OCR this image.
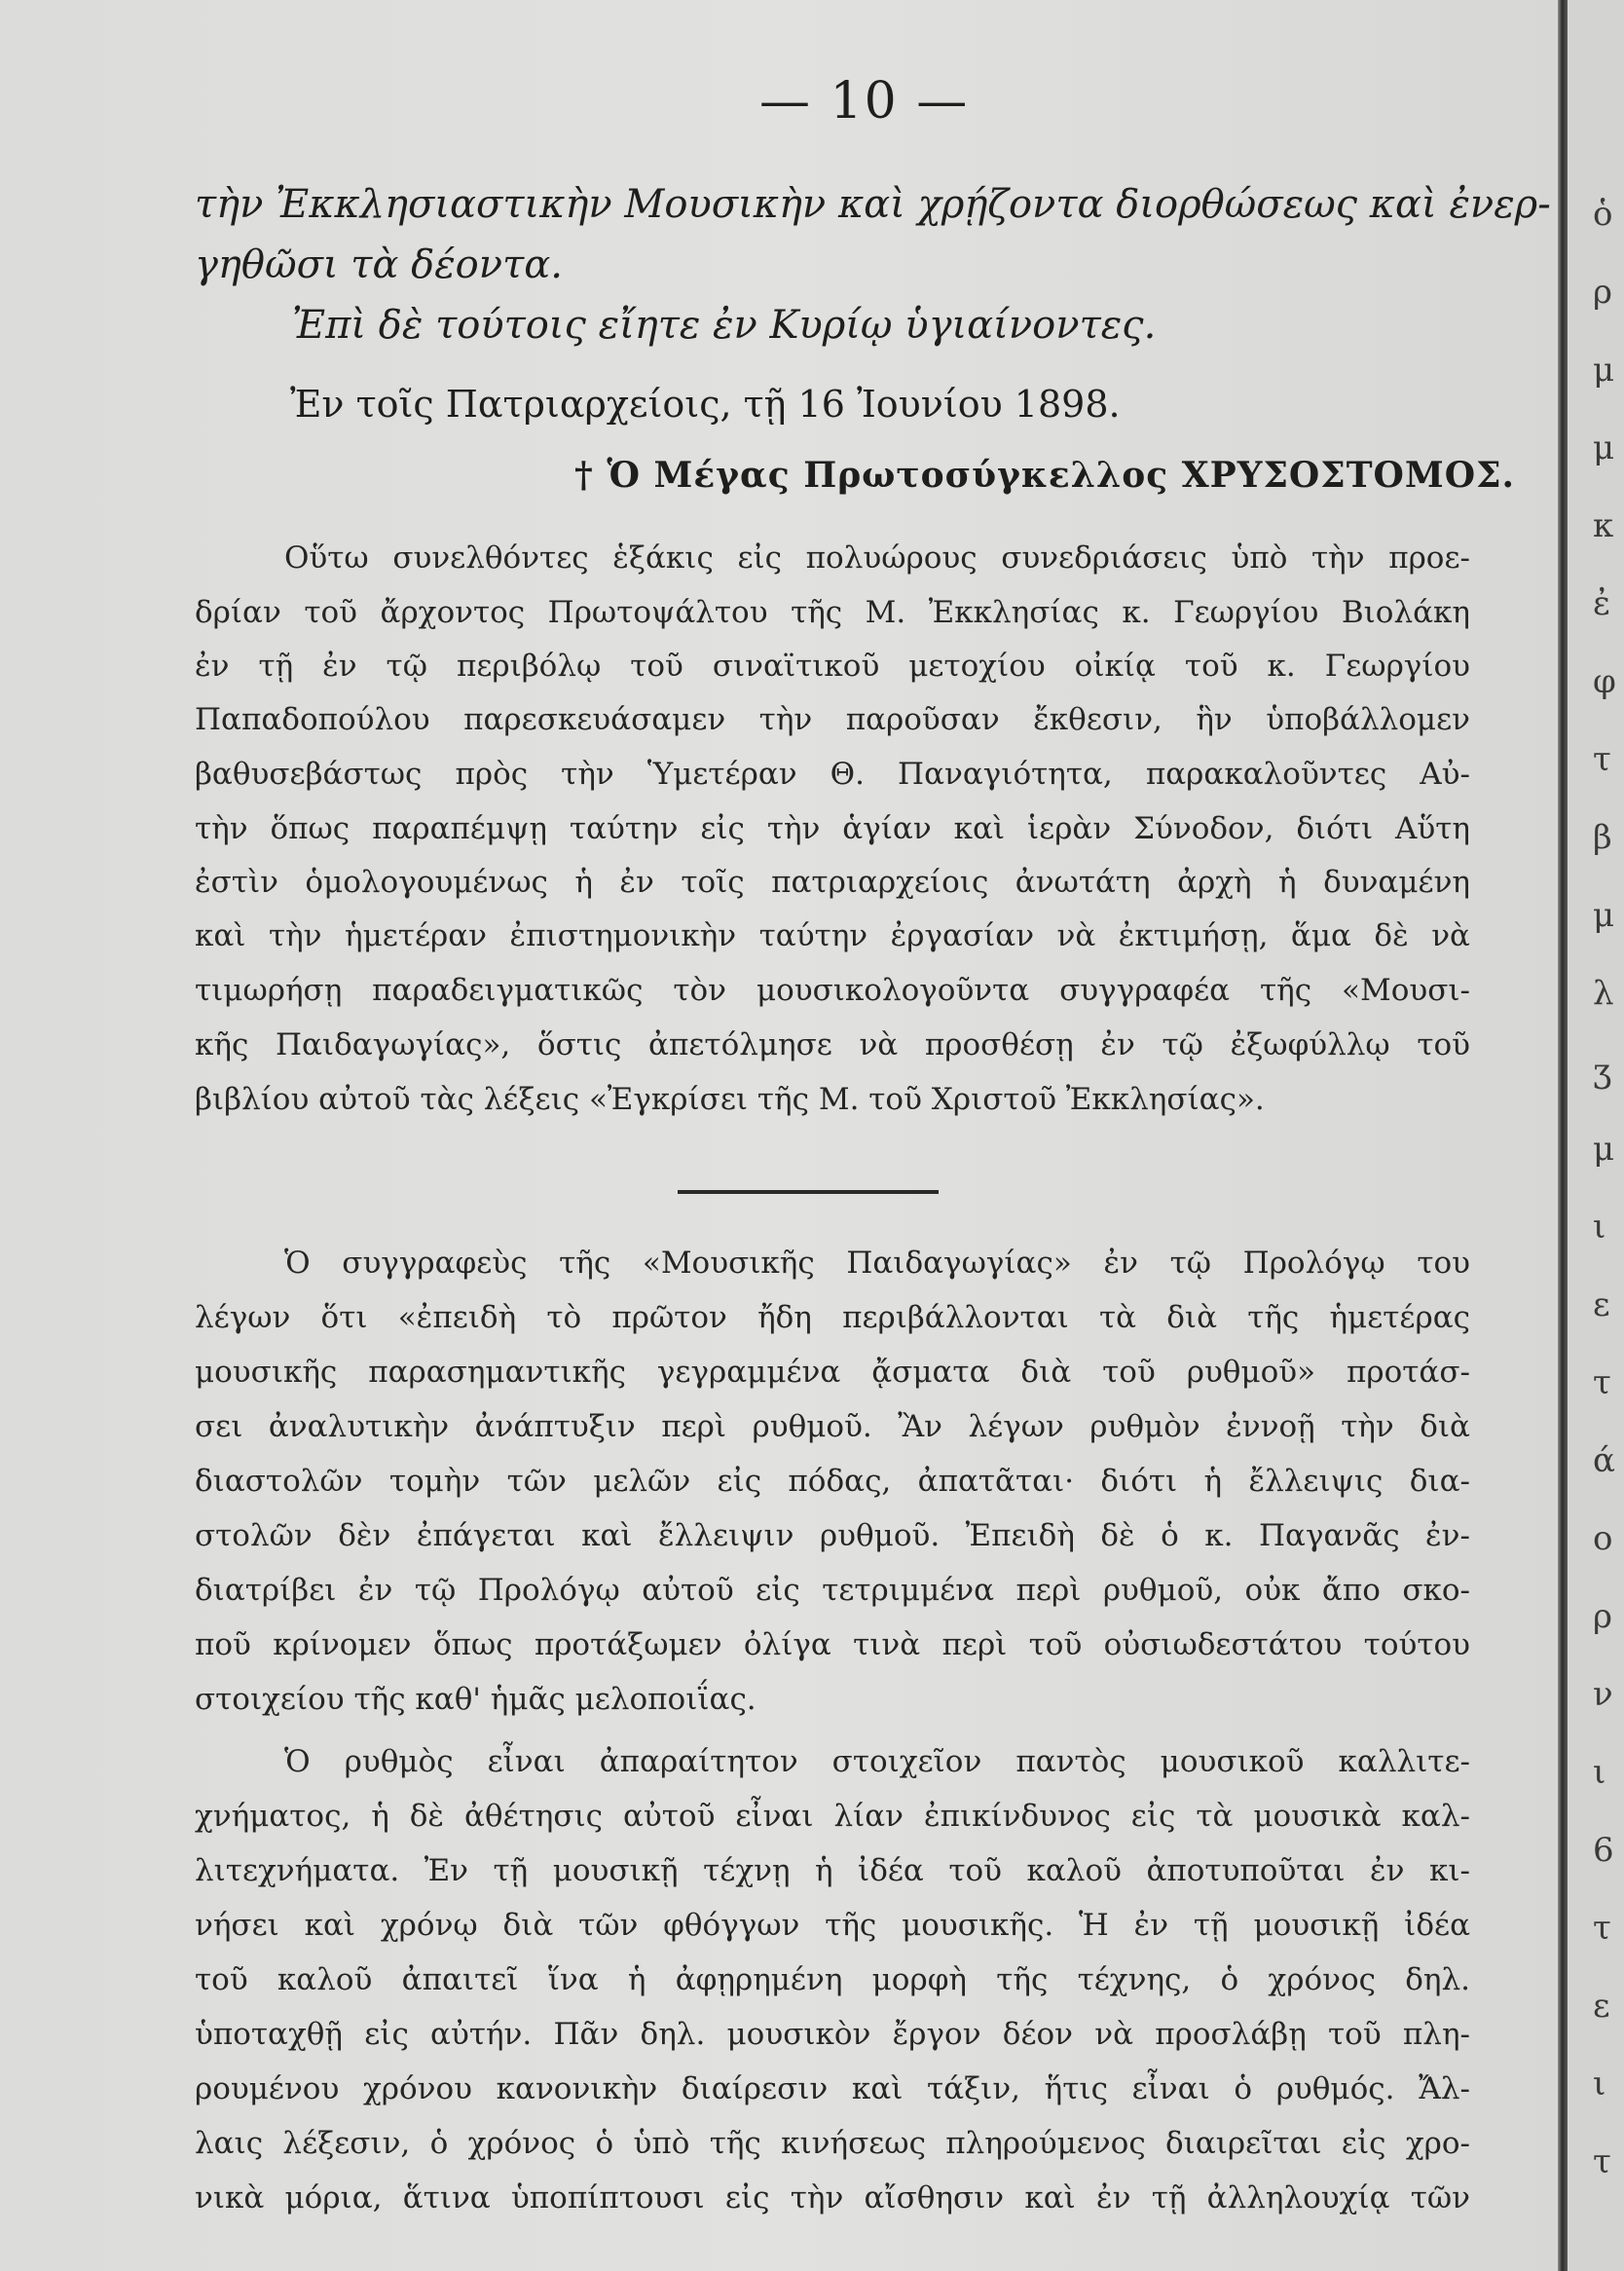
— 10 —
τὴν Ἐκκλησιαστικὴν Μουσικὴν καὶ χρῄζοντα διορθώσεως καὶ ἐνερ-
γηθῶσι τὰ δέοντα.
Ἐπὶ δὲ τούτοις εἴητε ἐν Κυρίῳ ὑγιαίνοντες.
Ἐν τοῖς Πατριαρχείοις, τῇ 16 Ἰουνίου 1898.
† Ὁ Μέγας Πρωτοσύγκελλος ΧΡΥΣΟΣΤΟΜΟΣ.
Οὕτω συνελθόντες ἑξάκις εἰς πολυώρους συνεδριάσεις ὑπὸ τὴν προε-
δρίαν τοῦ ἄρχοντος Πρωτοψάλτου τῆς Μ. Ἐκκλησίας κ. Γεωργίου Βιολάκη
ἐν τῇ ἐν τῷ περιβόλῳ τοῦ σιναϊτικοῦ μετοχίου οἰκίᾳ τοῦ κ. Γεωργίου
Παπαδοπούλου παρεσκευάσαμεν τὴν παροῦσαν ἔκθεσιν, ἣν ὑποβάλλομεν
βαθυσεβάστως πρὸς τὴν Ὑμετέραν Θ. Παναγιότητα, παρακαλοῦντες Αὐ-
τὴν ὅπως παραπέμψῃ ταύτην εἰς τὴν ἁγίαν καὶ ἱερὰν Σύνοδον, διότι Αὕτη
ἐστὶν ὁμολογουμένως ἡ ἐν τοῖς πατριαρχείοις ἀνωτάτη ἀρχὴ ἡ δυναμένη
καὶ τὴν ἡμετέραν ἐπιστημονικὴν ταύτην ἐργασίαν νὰ ἐκτιμήσῃ, ἅμα δὲ νὰ
τιμωρήσῃ παραδειγματικῶς τὸν μουσικολογοῦντα συγγραφέα τῆς «Μουσι-
κῆς Παιδαγωγίας», ὅστις ἀπετόλμησε νὰ προσθέσῃ ἐν τῷ ἐξωφύλλῳ τοῦ
βιβλίου αὐτοῦ τὰς λέξεις «Ἐγκρίσει τῆς Μ. τοῦ Χριστοῦ Ἐκκλησίας».
Ὁ συγγραφεὺς τῆς «Μουσικῆς Παιδαγωγίας» ἐν τῷ Προλόγῳ του
λέγων ὅτι «ἐπειδὴ τὸ πρῶτον ἤδη περιβάλλονται τὰ διὰ τῆς ἡμετέρας
μουσικῆς παρασημαντικῆς γεγραμμένα ᾄσματα διὰ τοῦ ρυθμοῦ» προτάσ-
σει ἀναλυτικὴν ἀνάπτυξιν περὶ ρυθμοῦ. Ἂν λέγων ρυθμὸν ἐννοῇ τὴν διὰ
διαστολῶν τομὴν τῶν μελῶν εἰς πόδας, ἀπατᾶται· διότι ἡ ἔλλειψις δια-
στολῶν δὲν ἐπάγεται καὶ ἔλλειψιν ρυθμοῦ. Ἐπειδὴ δὲ ὁ κ. Παγανᾶς ἐν-
διατρίβει ἐν τῷ Προλόγῳ αὐτοῦ εἰς τετριμμένα περὶ ρυθμοῦ, οὐκ ἄπο σκο-
ποῦ κρίνομεν ὅπως προτάξωμεν ὀλίγα τινὰ περὶ τοῦ οὐσιωδεστάτου τούτου
στοιχείου τῆς καθ' ἡμᾶς μελοποιΐας.
Ὁ ρυθμὸς εἶναι ἀπαραίτητον στοιχεῖον παντὸς μουσικοῦ καλλιτε-
χνήματος, ἡ δὲ ἀθέτησις αὐτοῦ εἶναι λίαν ἐπικίνδυνος εἰς τὰ μουσικὰ καλ-
λιτεχνήματα. Ἐν τῇ μουσικῇ τέχνῃ ἡ ἰδέα τοῦ καλοῦ ἀποτυποῦται ἐν κι-
νήσει καὶ χρόνῳ διὰ τῶν φθόγγων τῆς μουσικῆς. Ἡ ἐν τῇ μουσικῇ ἰδέα
τοῦ καλοῦ ἀπαιτεῖ ἵνα ἡ ἀφῃρημένη μορφὴ τῆς τέχνης, ὁ χρόνος δηλ.
ὑποταχθῇ εἰς αὐτήν. Πᾶν δηλ. μουσικὸν ἔργον δέον νὰ προσλάβῃ τοῦ πλη-
ρουμένου χρόνου κανονικὴν διαίρεσιν καὶ τάξιν, ἥτις εἶναι ὁ ρυθμός. Ἄλ-
λαις λέξεσιν, ὁ χρόνος ὁ ὑπὸ τῆς κινήσεως πληρούμενος διαιρεῖται εἰς χρο-
νικὰ μόρια, ἅτινα ὑποπίπτουσι εἰς τὴν αἴσθησιν καὶ ἐν τῇ ἀλληλουχίᾳ τῶν
ὁ
ρ
μ
μ
κ
ἐ
φ
τ
β
μ
λ
ʒ
μ
ι
ε
τ
ά
ο
ρ
ν
ι
6
τ
ε
ι
τ
